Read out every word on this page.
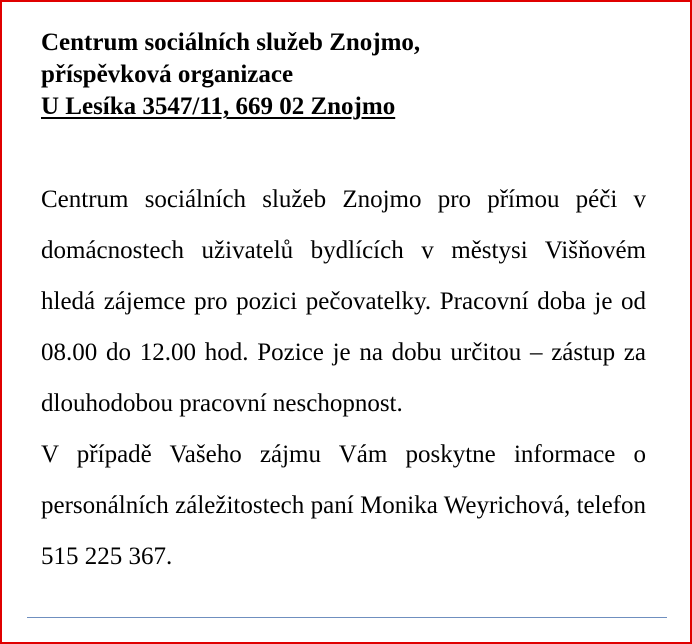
Centrum sociálních služeb Znojmo,
příspěvková organizace
U Lesíka 3547/11, 669 02 Znojmo

Centrum sociálních služeb Znojmo pro přímou péči v domácnostech uživatelů bydlících v městysi Višňovém hledá zájemce pro pozici pečovatelky. Pracovní doba je od 08.00 do 12.00 hod. Pozice je na dobu určitou – zástup za dlouhodobou pracovní neschopnost.

V případě Vašeho zájmu Vám poskytne informace o personálních záležitostech paní Monika Weyrichová, telefon 515 225 367.
